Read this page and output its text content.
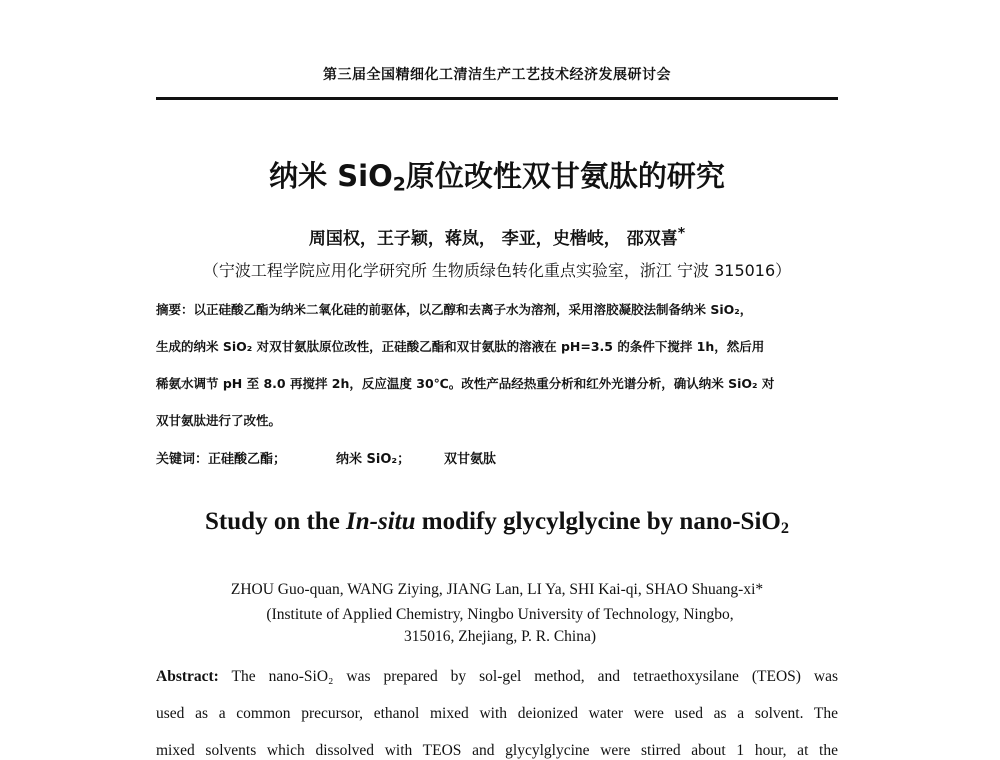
第三届全国精细化工清洁生产工艺技术经济发展研讨会
纳米 SiO$_2$原位改性双甘氨肽的研究
周国权，王子颖，蒋岚， 李亚，史楷岐， 邵双喜*
（宁波工程学院应用化学研究所 生物质绿色转化重点实验室，浙江 宁波 315016）
摘要：以正硅酸乙酯为纳米二氧化硅的前驱体，以乙醇和去离子水为溶剂，采用溶胶凝胶法制备纳米 SiO₂，
生成的纳米 SiO₂ 对双甘氨肽原位改性，正硅酸乙酯和双甘氨肽的溶液在 pH=3.5 的条件下搅拌 1h，然后用
稀氨水调节 pH 至 8.0 再搅拌 2h，反应温度 30℃。改性产品经热重分析和红外光谱分析，确认纳米 SiO₂ 对
双甘氨肽进行了改性。
关键词：正硅酸乙酯；	纳米 SiO₂；	双甘氨肽
Study on the In-situ modify glycylglycine by nano-SiO$_2$
ZHOU Guo-quan, WANG Ziying, JIANG Lan, LI Ya, SHI Kai-qi, SHAO Shuang-xi*
(Institute of Applied Chemistry, Ningbo University of Technology, Ningbo,
315016, Zhejiang, P. R. China)
Abstract: The nano-SiO₂ was prepared by sol-gel method, and tetraethoxysilane (TEOS) was
used as a common precursor, ethanol mixed with deionized water were used as a solvent. The
mixed solvents which dissolved with TEOS and glycylglycine were stirred about 1 hour, at the
